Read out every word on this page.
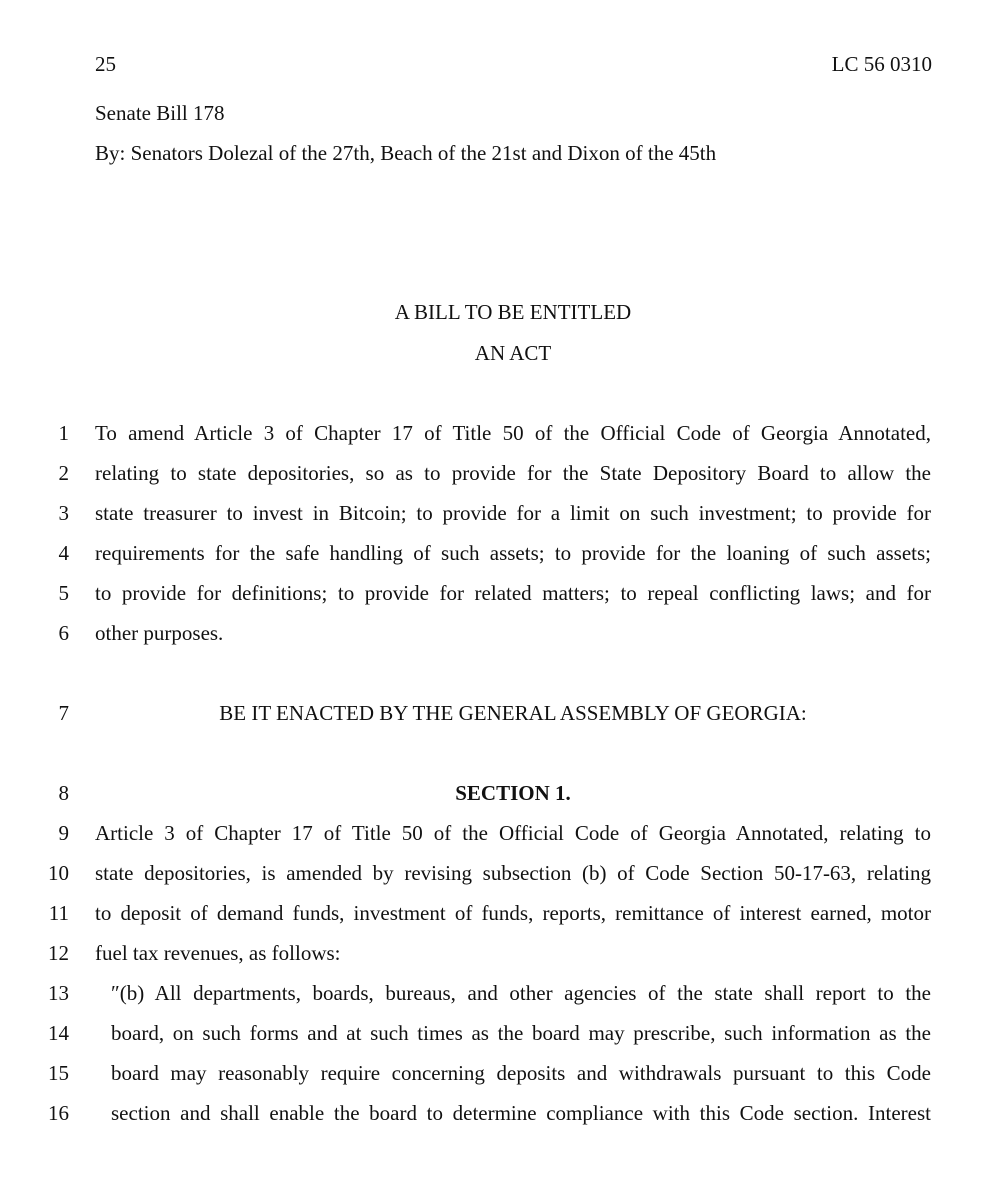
25	LC 56 0310
Senate Bill 178
By: Senators Dolezal of the 27th, Beach of the 21st and Dixon of the 45th
A BILL TO BE ENTITLED
AN ACT
1 To amend Article 3 of Chapter 17 of Title 50 of the Official Code of Georgia Annotated,
2 relating to state depositories, so as to provide for the State Depository Board to allow the
3 state treasurer to invest in Bitcoin; to provide for a limit on such investment; to provide for
4 requirements for the safe handling of such assets; to provide for the loaning of such assets;
5 to provide for definitions; to provide for related matters; to repeal conflicting laws; and for
6 other purposes.
7	BE IT ENACTED BY THE GENERAL ASSEMBLY OF GEORGIA:
8	SECTION 1.
9 Article 3 of Chapter 17 of Title 50 of the Official Code of Georgia Annotated, relating to
10 state depositories, is amended by revising subsection (b) of Code Section 50-17-63, relating
11 to deposit of demand funds, investment of funds, reports, remittance of interest earned, motor
12 fuel tax revenues, as follows:
13 ″(b) All departments, boards, bureaus, and other agencies of the state shall report to the
14 board, on such forms and at such times as the board may prescribe, such information as the
15 board may reasonably require concerning deposits and withdrawals pursuant to this Code
16 section and shall enable the board to determine compliance with this Code section. Interest
